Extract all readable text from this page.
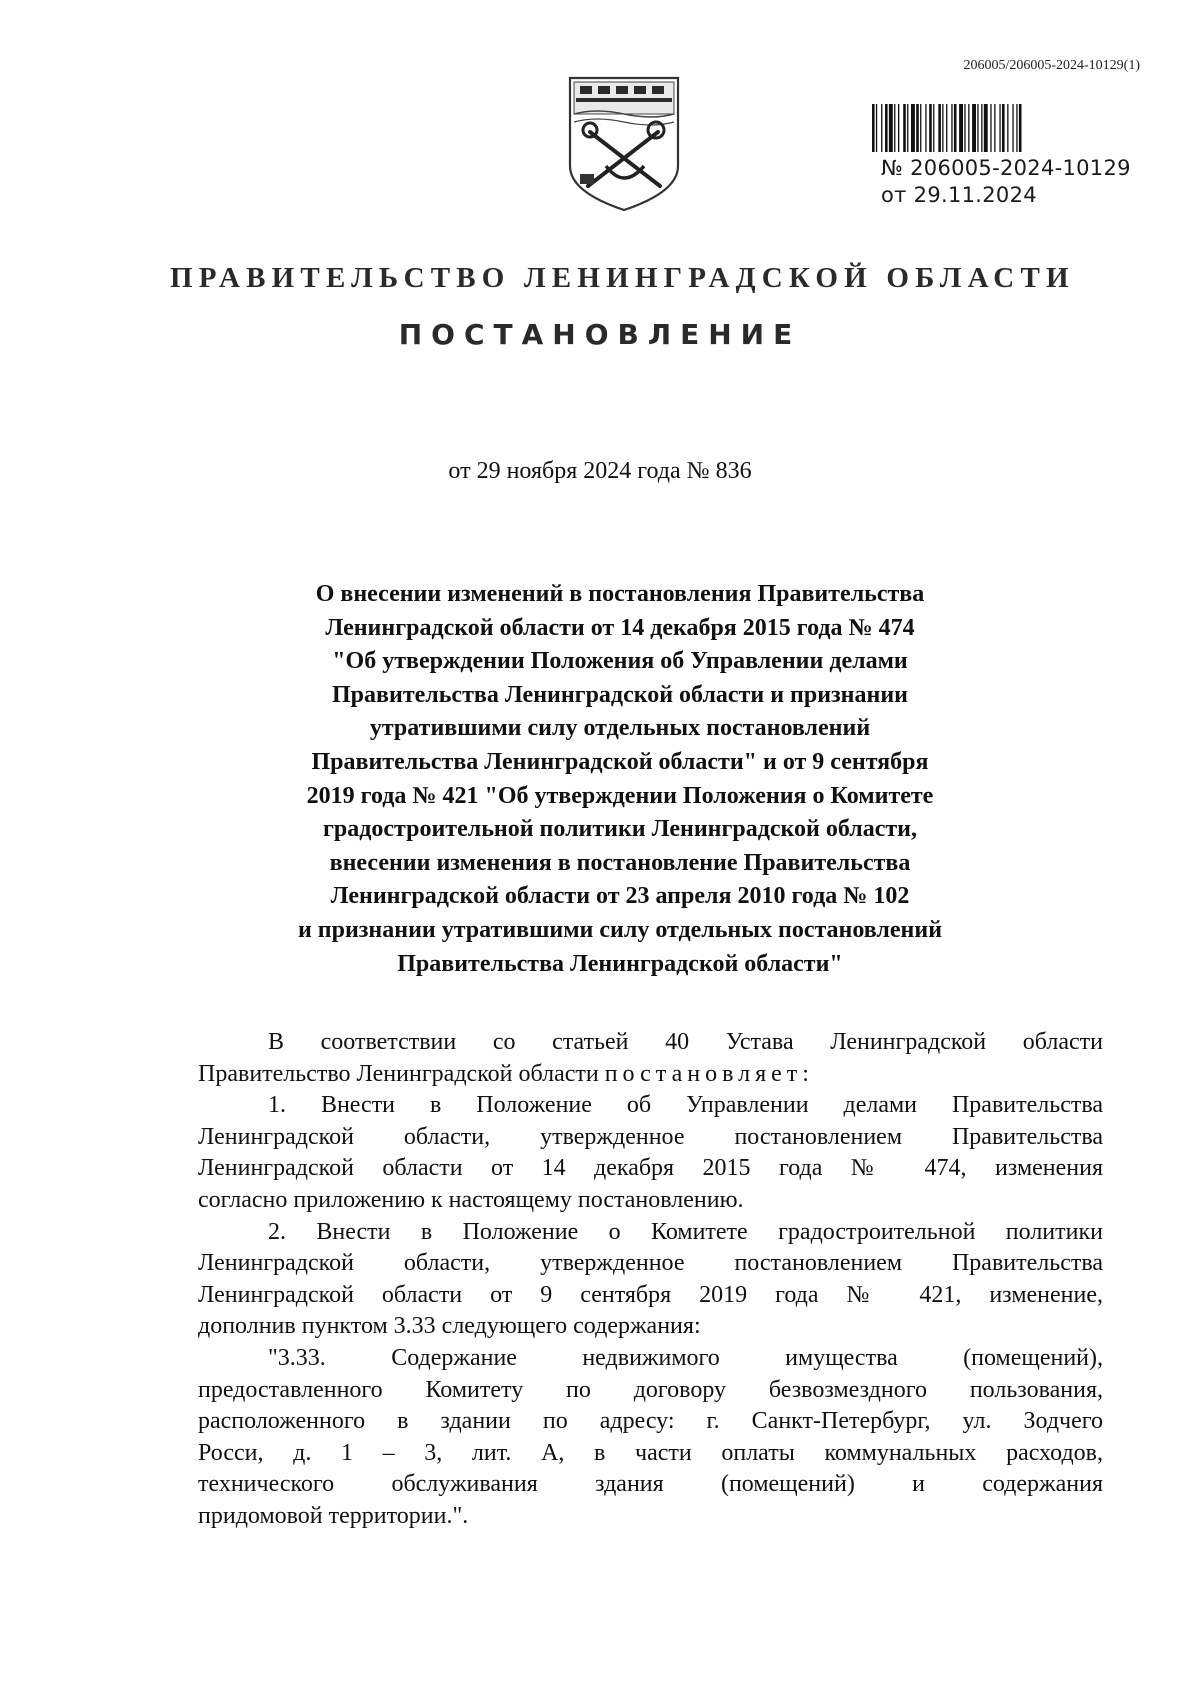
206005/206005-2024-10129(1)
№ 206005-2024-10129
от 29.11.2024
ПРАВИТЕЛЬСТВО ЛЕНИНГРАДСКОЙ ОБЛАСТИ
ПОСТАНОВЛЕНИЕ
от 29 ноября 2024 года № 836
О внесении изменений в постановления Правительства
Ленинградской области от 14 декабря 2015 года № 474
"Об утверждении Положения об Управлении делами
Правительства Ленинградской области и признании
утратившими силу отдельных постановлений
Правительства Ленинградской области" и от 9 сентября
2019 года № 421 "Об утверждении Положения о Комитете
градостроительной политики Ленинградской области,
внесении изменения в постановление Правительства
Ленинградской области от 23 апреля 2010 года № 102
и признании утратившими силу отдельных постановлений
Правительства Ленинградской области"
В соответствии со статьей 40 Устава Ленинградской области
Правительство Ленинградской области постановляет:
1. Внести в Положение об Управлении делами Правительства
Ленинградской области, утвержденное постановлением Правительства
Ленинградской области от 14 декабря 2015 года № 474, изменения
согласно приложению к настоящему постановлению.
2. Внести в Положение о Комитете градостроительной политики
Ленинградской области, утвержденное постановлением Правительства
Ленинградской области от 9 сентября 2019 года № 421, изменение,
дополнив пунктом 3.33 следующего содержания:
"3.33. Содержание недвижимого имущества (помещений),
предоставленного Комитету по договору безвозмездного пользования,
расположенного в здании по адресу: г. Санкт-Петербург, ул. Зодчего
Росси, д. 1 – 3, лит. А, в части оплаты коммунальных расходов,
технического обслуживания здания (помещений) и содержания
придомовой территории.".
